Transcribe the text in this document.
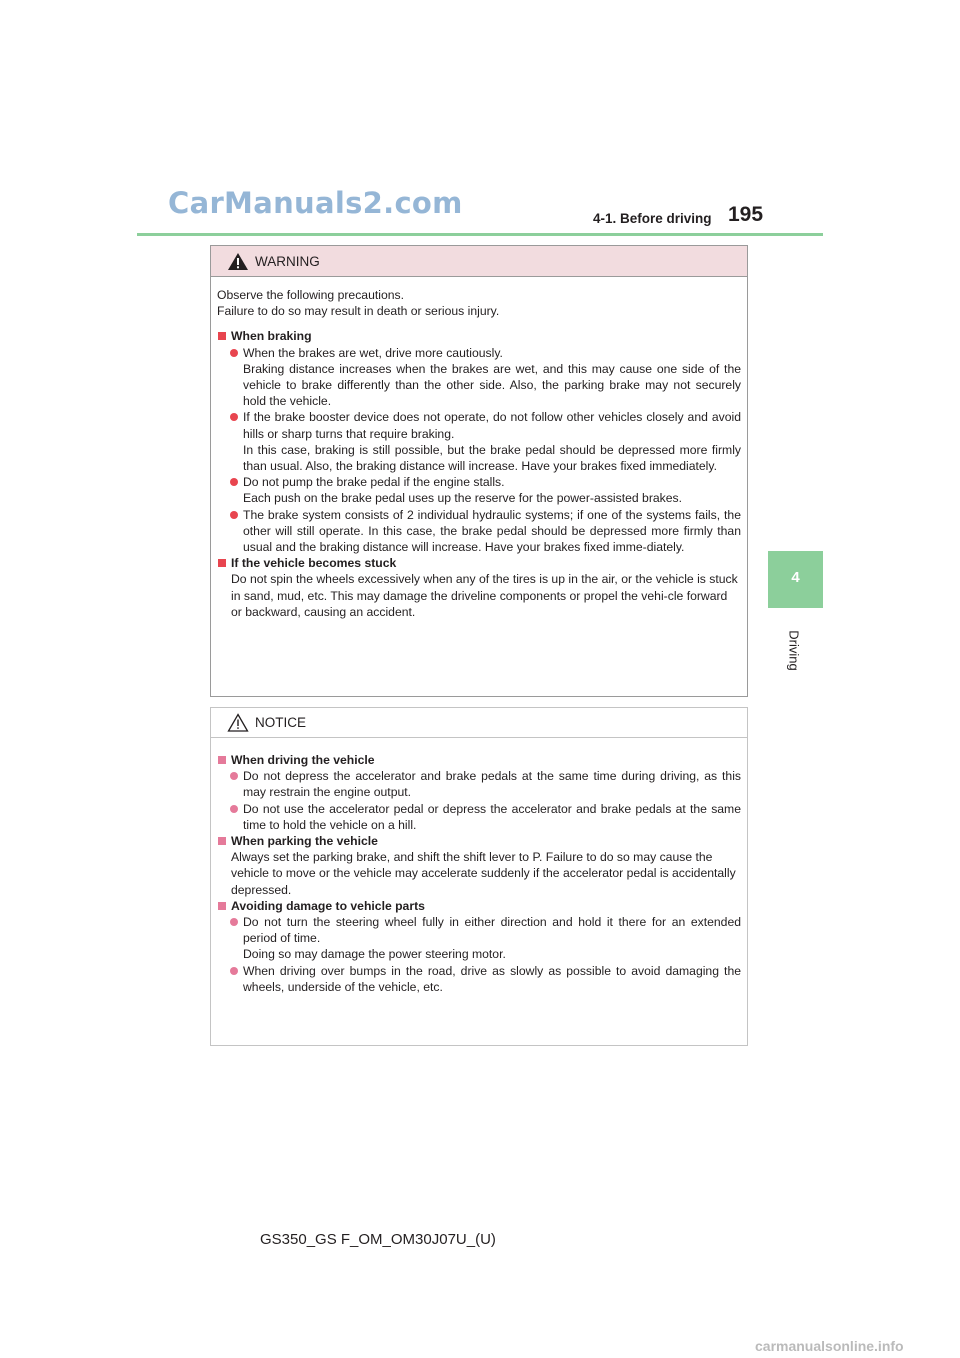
CarManuals2.com	4-1. Before driving 195
4
Driving
WARNING

Observe the following precautions.
Failure to do so may result in death or serious injury.

When braking

When the brakes are wet, drive more cautiously.
Braking distance increases when the brakes are wet, and this may cause one side of the vehicle to brake differently than the other side. Also, the parking brake may not securely hold the vehicle.

If the brake booster device does not operate, do not follow other vehicles closely and avoid hills or sharp turns that require braking.
In this case, braking is still possible, but the brake pedal should be depressed more firmly than usual. Also, the braking distance will increase. Have your brakes fixed immediately.

Do not pump the brake pedal if the engine stalls.
Each push on the brake pedal uses up the reserve for the power-assisted brakes.

The brake system consists of 2 individual hydraulic systems; if one of the systems fails, the other will still operate. In this case, the brake pedal should be depressed more firmly than usual and the braking distance will increase. Have your brakes fixed imme-diately.

If the vehicle becomes stuck

Do not spin the wheels excessively when any of the tires is up in the air, or the vehicle is stuck in sand, mud, etc. This may damage the driveline components or propel the vehi-cle forward or backward, causing an accident.

NOTICE

When driving the vehicle

Do not depress the accelerator and brake pedals at the same time during driving, as this may restrain the engine output.

Do not use the accelerator pedal or depress the accelerator and brake pedals at the same time to hold the vehicle on a hill.

When parking the vehicle

Always set the parking brake, and shift the shift lever to P. Failure to do so may cause the vehicle to move or the vehicle may accelerate suddenly if the accelerator pedal is accidentally depressed.

Avoiding damage to vehicle parts

Do not turn the steering wheel fully in either direction and hold it there for an extended period of time.
Doing so may damage the power steering motor.

When driving over bumps in the road, drive as slowly as possible to avoid damaging the wheels, underside of the vehicle, etc.

GS350_GS F_OM_OM30J07U_(U)
carmanualsonline.info
